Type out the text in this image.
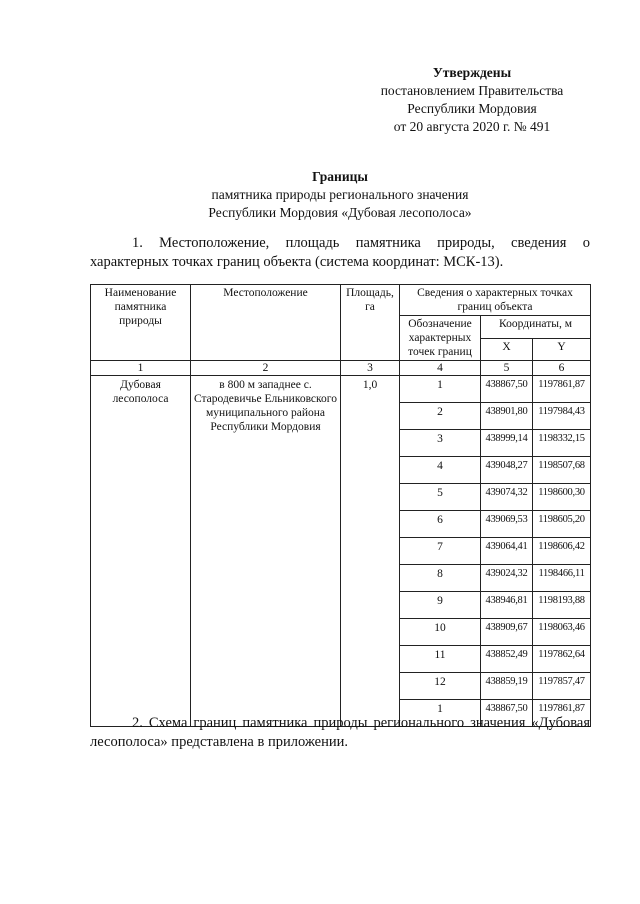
Утверждены
постановлением Правительства
Республики Мордовия
от 20 августа 2020 г. № 491
Границы
памятника природы регионального значения
Республики Мордовия «Дубовая лесополоса»
1. Местоположение, площадь памятника природы, сведения о характерных точках границ объекта (система координат: МСК-13).
Наименование памятника природы	Местоположение	Площадь, га	Сведения о характерных точках границ объекта		
			Обозначение характерных точек границ	Координаты, м	
				X	Y
1	2	3	4	5	6
Дубовая лесополоса	в 800 м западнее с. Стародевичье Ельниковского муниципального района Республики Мордовия	1,0	1	438867,50	1197861,87
			2	438901,80	1197984,43
			3	438999,14	1198332,15
			4	439048,27	1198507,68
			5	439074,32	1198600,30
			6	439069,53	1198605,20
			7	439064,41	1198606,42
			8	439024,32	1198466,11
			9	438946,81	1198193,88
			10	438909,67	1198063,46
			11	438852,49	1197862,64
			12	438859,19	1197857,47
			1	438867,50	1197861,87
2. Схема границ памятника природы регионального значения «Дубовая лесополоса» представлена в приложении.
